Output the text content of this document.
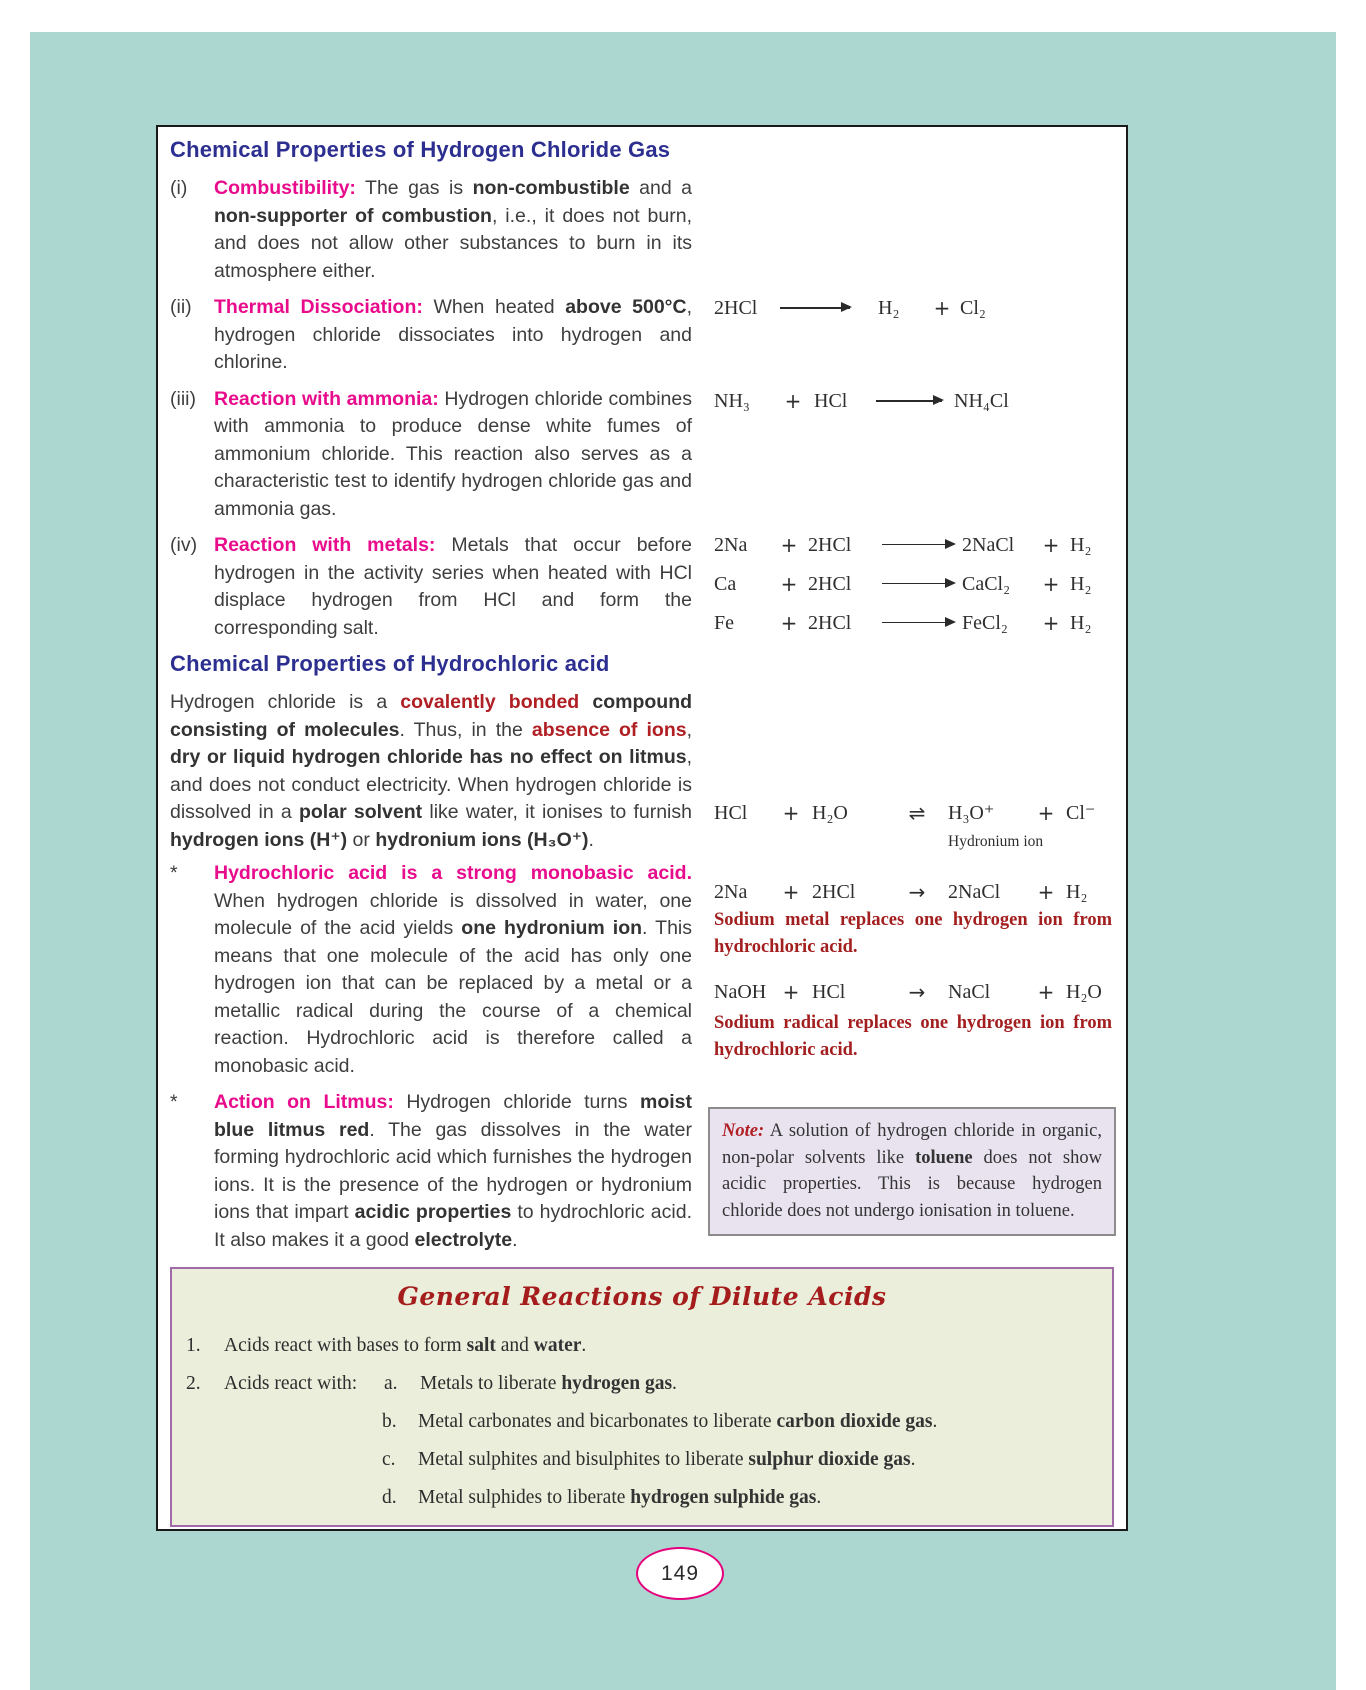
Chemical Properties of Hydrogen Chloride Gas
(i)	Combustibility: The gas is non-combustible and a non-supporter of combustion, i.e., it does not burn, and does not allow other substances to burn in its atmosphere either.
(ii)	Thermal Dissociation: When heated above 500°C, hydrogen chloride dissociates into hydrogen and chlorine.
(iii) Reaction with ammonia: Hydrogen chloride combines with ammonia to produce dense white fumes of ammonium chloride. This reaction also serves as a characteristic test to identify hydrogen chloride gas and ammonia gas.
(iv) Reaction with metals: Metals that occur before hydrogen in the activity series when heated with HCl displace hydrogen from HCl and form the corresponding salt.
Chemical Properties of Hydrochloric acid
Hydrogen chloride is a covalently bonded compound consisting of molecules. Thus, in the absence of ions, dry or liquid hydrogen chloride has no effect on litmus, and does not conduct electricity. When hydrogen chloride is dissolved in a polar solvent like water, it ionises to furnish hydrogen ions (H⁺) or hydronium ions (H₃O⁺).
*	Hydrochloric acid is a strong monobasic acid. When hydrogen chloride is dissolved in water, one molecule of the acid yields one hydronium ion. This means that one molecule of the acid has only one hydrogen ion that can be replaced by a metal or a metallic radical during the course of a chemical reaction. Hydrochloric acid is therefore called a monobasic acid.
*	Action on Litmus: Hydrogen chloride turns moist blue litmus red. The gas dissolves in the water forming hydrochloric acid which furnishes the hydrogen ions. It is the presence of the hydrogen or hydronium ions that impart acidic properties to hydrochloric acid. It also makes it a good electrolyte.
2HCl	→ H₂	+ Cl₂
NH₃	+ HCl	→ NH₄Cl
2Na	+ 2HCl	→ 2NaCl	+ H₂
Ca	+ 2HCl	→ CaCl₂	+ H₂
Fe	+ 2HCl	→ FeCl₂	+ H₂
HCl	+ H₂O	⇌	H₃O⁺	+ Cl⁻
Hydronium ion
2Na	+ 2HCl	→	2NaCl	+ H₂
Sodium metal replaces one hydrogen ion from hydrochloric acid.
NaOH + HCl	→	NaCl	+ H₂O
Sodium radical replaces one hydrogen ion from hydrochloric acid.
Note: A solution of hydrogen chloride in organic, non-polar solvents like toluene does not show acidic properties. This is because hydrogen chloride does not undergo ionisation in toluene.
General Reactions of Dilute Acids
1.	Acids react with bases to form salt and water.
2.	Acids react with:	a.	Metals to liberate hydrogen gas.
b.	Metal carbonates and bicarbonates to liberate carbon dioxide gas.
c.	Metal sulphites and bisulphites to liberate sulphur dioxide gas.
d.	Metal sulphides to liberate hydrogen sulphide gas.
149
